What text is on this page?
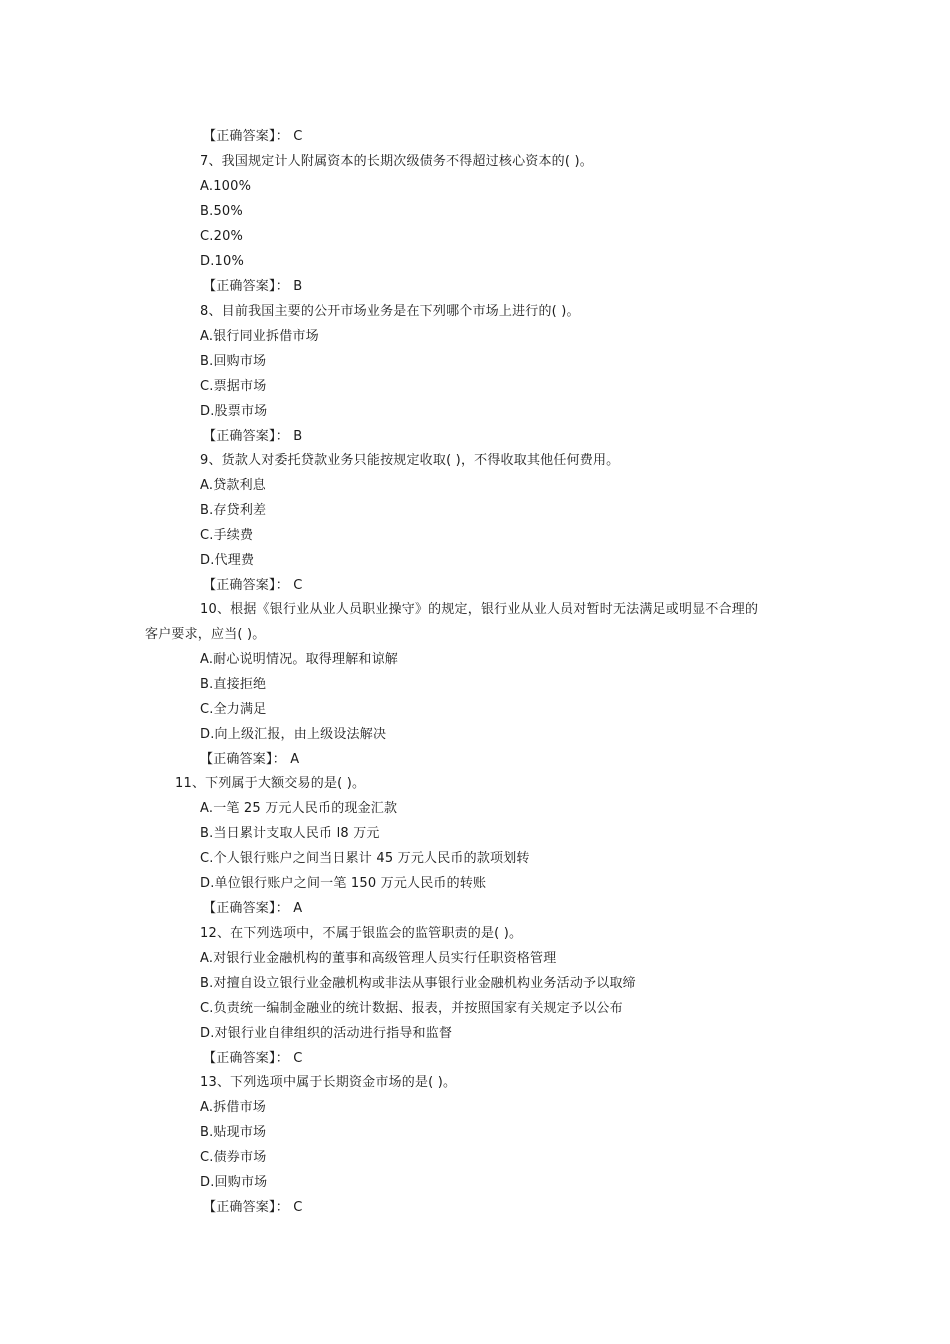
【正确答案】： C
7、我国规定计人附属资本的长期次级债务不得超过核心资本的( )。
A.100%
B.50%
C.20%
D.10%
【正确答案】： B
8、目前我国主要的公开市场业务是在下列哪个市场上进行的( )。
A.银行同业拆借市场
B.回购市场
C.票据市场
D.股票市场
【正确答案】： B
9、货款人对委托贷款业务只能按规定收取( )，不得收取其他任何费用。
A.贷款利息
B.存贷利差
C.手续费
D.代理费
【正确答案】： C
10、根据《银行业从业人员职业操守》的规定，银行业从业人员对暂时无法满足或明显不合理的
客户要求，应当( )。
A.耐心说明情况。取得理解和谅解
B.直接拒绝
C.全力满足
D.向上级汇报，由上级设法解决
【正确答案】： A
11、下列属于大额交易的是( )。
A.一笔 25 万元人民币的现金汇款
B.当日累计支取人民币 l8 万元
C.个人银行账户之间当日累计 45 万元人民币的款项划转
D.单位银行账户之间一笔 150 万元人民币的转账
【正确答案】： A
12、在下列选项中，不属于银监会的监管职责的是( )。
A.对银行业金融机构的董事和高级管理人员实行任职资格管理
B.对擅自设立银行业金融机构或非法从事银行业金融机构业务活动予以取缔
C.负责统一编制金融业的统计数据、报表，并按照国家有关规定予以公布
D.对银行业自律组织的活动进行指导和监督
【正确答案】： C
13、下列选项中属于长期资金市场的是( )。
A.拆借市场
B.贴现市场
C.债券市场
D.回购市场
【正确答案】： C
